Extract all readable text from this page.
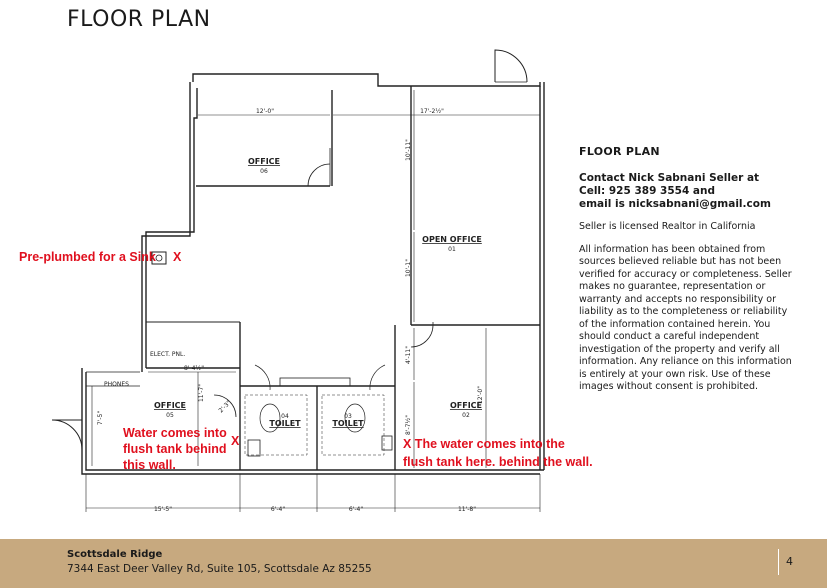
FLOOR PLAN
OFFICE
06
OPEN OFFICE
01
OFFICE
05
TOILET
04
TOILET
03
OFFICE
02
ELECT. PNL.
PHONES
12'-0"	17'-2½"
10'-11"
10'-1"
4'-11"
8'-7½"
12'-0"
8'-4½"
11'-7"
7'-5"
2'-3"
15'-5"	6'-4"	6'-4"	11'-8"
Pre-plumbed for a Sink X
Water comes into
flush tank behind
this wall.
X	X The water comes into the
flush tank here. behind the wall.
FLOOR PLAN
Contact Nick Sabnani Seller at
Cell: 925 389 3554 and
email is nicksabnani@gmail.com

Seller is licensed Realtor in California

All information has been obtained from sources believed reliable but has not been verified for accuracy or completeness. Seller makes no guarantee, representation or warranty and accepts no responsibility or liability as to the completeness or reliability of the information contained herein. You should conduct a careful independent investigation of the property and verify all information. Any reliance on this information is entirely at your own risk. Use of these images without consent is prohibited.

Scottsdale Ridge
7344 East Deer Valley Rd, Suite 105, Scottsdale Az 85255
4
